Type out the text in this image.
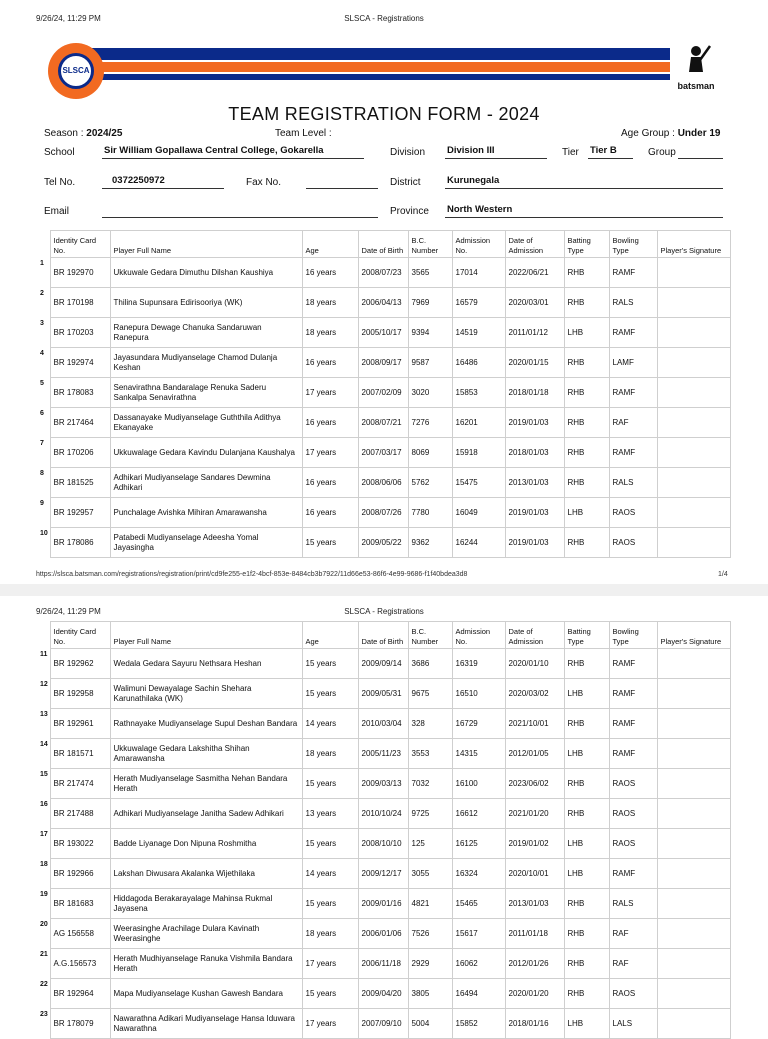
9/26/24, 11:29 PM	SLSCA - Registrations
SLSCA
batsman
TEAM REGISTRATION FORM - 2024
Season : 2024/25	Team Level :	Age Group : Under 19
School	Sir William Gopallawa Central College, Gokarella	Division Division III	Tier Tier B	Group
Tel No.	0372250972	Fax No.	District	Kurunegala
Email	Province North Western
	Identity Card No.	Player Full Name	Age	Date of Birth	B.C. Number	Admission No.	Date of Admission	Batting Type	Bowling Type	Player's Signature

1	BR 192970	Ukkuwale Gedara Dimuthu Dilshan Kaushiya	16 years	2008/07/23	3565	17014	2022/06/21	RHB	RAMF	

2	BR 170198	Thilina Supunsara Edirisooriya (WK)	18 years	2006/04/13	7969	16579	2020/03/01	RHB	RALS	

3	BR 170203	Ranepura Dewage Chanuka Sandaruwan Ranepura	18 years	2005/10/17	9394	14519	2011/01/12	LHB	RAMF	

4	BR 192974	Jayasundara Mudiyanselage Chamod Dulanja Keshan	16 years	2008/09/17	9587	16486	2020/01/15	RHB	LAMF	

5	BR 178083	Senavirathna Bandaralage Renuka Saderu Sankalpa Senavirathna	17 years	2007/02/09	3020	15853	2018/01/18	RHB	RAMF	

6	BR 217464	Dassanayake Mudiyanselage Guththila Adithya Ekanayake	16 years	2008/07/21	7276	16201	2019/01/03	RHB	RAF	

7	BR 170206	Ukkuwalage Gedara Kavindu Dulanjana Kaushalya	17 years	2007/03/17	8069	15918	2018/01/03	RHB	RAMF	

8	BR 181525	Adhikari Mudiyanselage Sandares Dewmina Adhikari	16 years	2008/06/06	5762	15475	2013/01/03	RHB	RALS	

9	BR 192957	Punchalage Avishka Mihiran Amarawansha	16 years	2008/07/26	7780	16049	2019/01/03	LHB	RAOS	

10	BR 178086	Patabedi Mudiyanselage Adeesha Yomal Jayasingha	15 years	2009/05/22	9362	16244	2019/01/03	RHB	RAOS	
https://slsca.batsman.com/registrations/registration/print/cd9fe255-e1f2-4bcf-853e-8484cb3b7922/11d66e53-86f6-4e99-9686-f1f40bdea3d8	1/4
9/26/24, 11:29 PM	SLSCA - Registrations
	Identity Card No.	Player Full Name	Age	Date of Birth	B.C. Number	Admission No.	Date of Admission	Batting Type	Bowling Type	Player's Signature

11	BR 192962	Wedala Gedara Sayuru Nethsara Heshan	15 years	2009/09/14	3686	16319	2020/01/10	RHB	RAMF	

12	BR 192958	Walimuni Dewayalage Sachin Shehara Karunathilaka (WK)	15 years	2009/05/31	9675	16510	2020/03/02	LHB	RAMF	

13	BR 192961	Rathnayake Mudiyanselage Supul Deshan Bandara	14 years	2010/03/04	328	16729	2021/10/01	RHB	RAMF	

14	BR 181571	Ukkuwalage Gedara Lakshitha Shihan Amarawansha	18 years	2005/11/23	3553	14315	2012/01/05	LHB	RAMF	

15	BR 217474	Herath Mudiyanselage Sasmitha Nehan Bandara Herath	15 years	2009/03/13	7032	16100	2023/06/02	RHB	RAOS	

16	BR 217488	Adhikari Mudiyanselage Janitha Sadew Adhikari	13 years	2010/10/24	9725	16612	2021/01/20	RHB	RAOS	

17	BR 193022	Badde Liyanage Don Nipuna Roshmitha	15 years	2008/10/10	125	16125	2019/01/02	LHB	RAOS	

18	BR 192966	Lakshan Diwusara Akalanka Wijethilaka	14 years	2009/12/17	3055	16324	2020/10/01	LHB	RAMF	

19	BR 181683	Hiddagoda Berakarayalage Mahinsa Rukmal Jayasena	15 years	2009/01/16	4821	15465	2013/01/03	RHB	RALS	

20	AG 156558	Weerasinghe Arachilage Dulara Kavinath Weerasinghe	18 years	2006/01/06	7526	15617	2011/01/18	RHB	RAF	

21	A.G.156573	Herath Mudhiyanselage Ranuka Vishmila Bandara Herath	17 years	2006/11/18	2929	16062	2012/01/26	RHB	RAF	

22	BR 192964	Mapa Mudiyanselage Kushan Gawesh Bandara	15 years	2009/04/20	3805	16494	2020/01/20	RHB	RAOS	

23	BR 178079	Nawarathna Adikari Mudiyanselage Hansa Iduwara Nawarathna	17 years	2007/09/10	5004	15852	2018/01/16	LHB	LALS	
